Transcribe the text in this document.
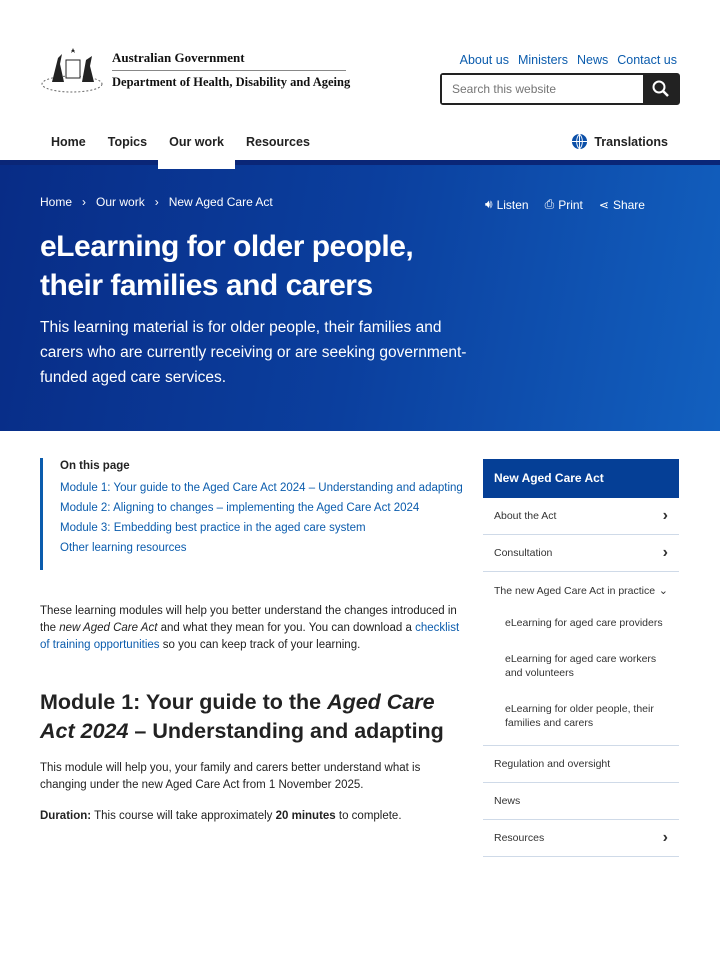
Australian Government
Department of Health, Disability and Ageing
About us Ministers News Contact us
Search this website
Home	Topics	Our work	Resources	Translations
Home › Our work › New Aged Care Act	🔊︎ Listen ⎙ Print ⋖ Share
eLearning for older people, their families and carers

This learning material is for older people, their families and carers who are currently receiving or are seeking government-funded aged care services.

On this page
Module 1: Your guide to the Aged Care Act 2024 – Understanding and adapting
Module 2: Aligning to changes – implementing the Aged Care Act 2024
Module 3: Embedding best practice in the aged care system
Other learning resources

These learning modules will help you better understand the changes introduced in the new Aged Care Act and what they mean for you. You can download a checklist of training opportunities so you can keep track of your learning.

Module 1: Your guide to the Aged Care Act 2024 – Understanding and adapting

This module will help you, your family and carers better understand what is changing under the new Aged Care Act from 1 November 2025.

Duration: This course will take approximately 20 minutes to complete.

New Aged Care Act
About the Act	›
Consultation	›
The new Aged Care Act in practice ⌄
eLearning for aged care providers
eLearning for aged care workers and volunteers
eLearning for older people, their families and carers
Regulation and oversight
News
Resources	›
